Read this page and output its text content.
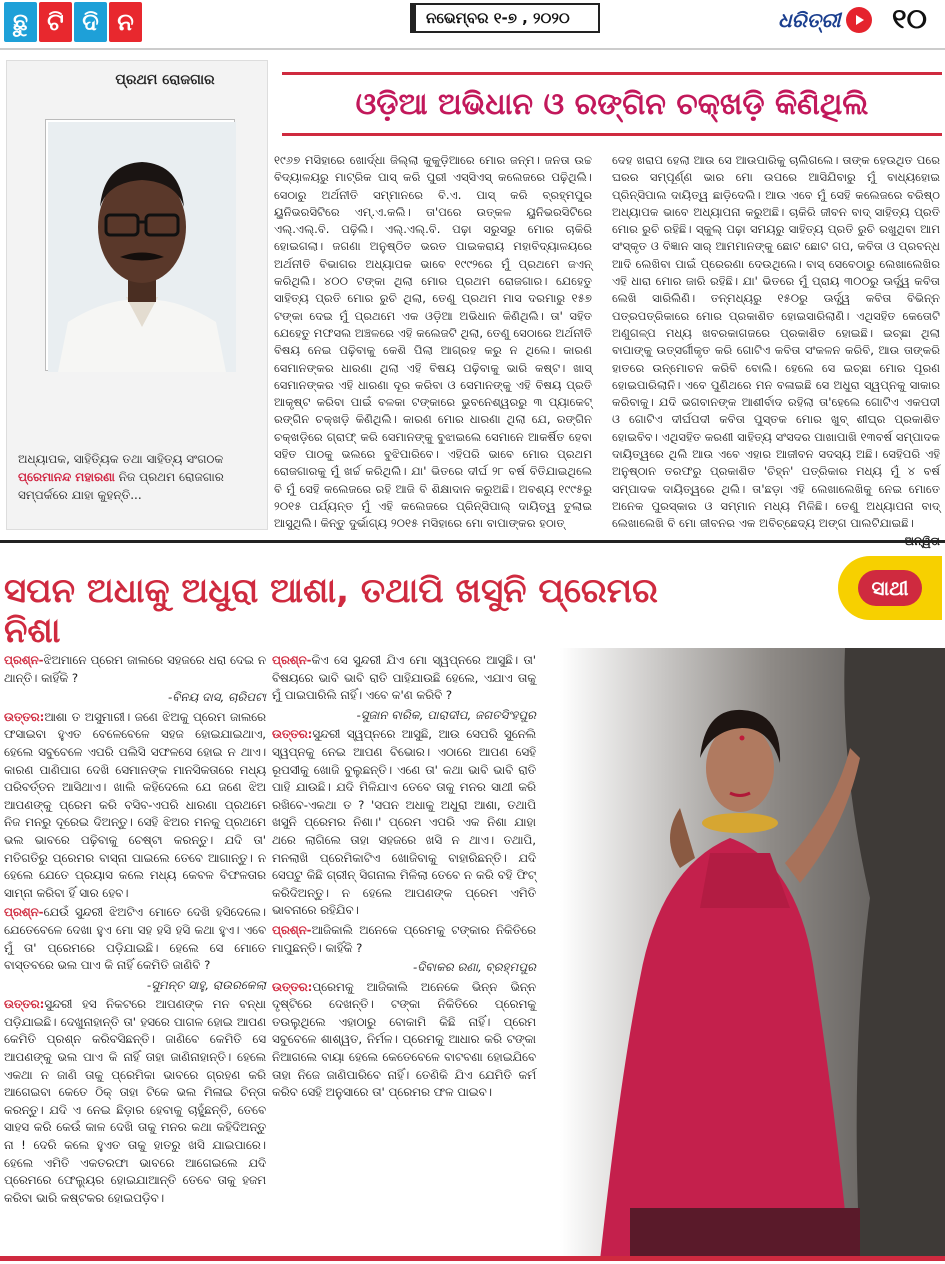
ଛୁ ଟି ଦି ନ	ନଭେମ୍ବର ୧-୭ , ୨୦୨୦	ଧରିତ୍ରୀ ୧୦
ପ୍ରଥମ ରୋଜଗାର
ଅଧ୍ୟାପକ, ସାହିତ୍ୟିକ ତଥା ସାହିତ୍ୟ ସଂଗଠକ ପ୍ରେମାନନ୍ଦ ମହାରଣା ନିଜ ପ୍ରଥମ ରୋଜଗାର ସମ୍ପର୍କରେ ଯାହା କୁହନ୍ତି...
ଓଡ଼ିଆ ଅଭିଧାନ ଓ ରଙ୍ଗିନ ଚକ୍‌ଖଡ଼ି କିଣିଥିଲି
୧୯୬୭ ମସିହାରେ ଖୋର୍ଦ୍ଧା ଜିଲ୍ଲା କୁକୁଡ଼ିଆରେ ମୋର ଜନ୍ମ। ଜନତା ଉଚ୍ଚ ବିଦ୍ୟାଳୟରୁ ମାଟ୍ରିକ ପାସ୍ କରି ପୁରୀ ଏସ୍‌ସିଏସ୍ କଲେଜରେ ପଢ଼ିଥିଲି। ସେଠାରୁ ଅର୍ଥନୀତି ସମ୍ମାନରେ ବି.ଏ. ପାସ୍ କରି ବ୍ରହ୍ମପୁର ୟୁନିଭରସିଟିରେ ଏମ୍.ଏ.କଲି। ତା'ପରେ ଉତ୍କଳ ୟୁନିଭରସିଟିରେ ଏଲ୍.ଏଲ୍.ବି. ପଢ଼ିଲି। ଏଲ୍.ଏଲ୍.ବି. ପଢ଼ା ସରୁସରୁ ମୋର ଚାକିରି ହୋଇଗଲା। ଜଗଣା ଅନୁଷ୍ଠିତ ଭରତ ପାଇକରାୟ ମହାବିଦ୍ୟାଳୟରେ ଅର୍ଥନୀତି ବିଭାଗର ଅଧ୍ୟାପକ ଭାବେ ୧୯୯୨ରେ ମୁଁ ପ୍ରଥମେ ଜଏନ୍ କରିଥିଲି। ୪୦୦ ଟଙ୍କା ଥିଲା ମୋର ପ୍ରଥମ ରୋଜଗାର। ଯେହେତୁ ସାହିତ୍ୟ ପ୍ରତି ମୋର ରୁଚି ଥିଲା, ତେଣୁ ପ୍ରଥମ ମାସ ଦରମାରୁ ୧୫୭ ଟଙ୍କା ଦେଇ ମୁଁ ପ୍ରଥମେ ଏକ ଓଡ଼ିଆ ଅଭିଧାନ କିଣିଥିଲି। ତା' ସହିତ ଯେହେତୁ ମଫସଲ ଅଞ୍ଚଳରେ ଏହି କଲେଜଟି ଥିଲା, ତେଣୁ ସେଠାରେ ଅର୍ଥନୀତି ବିଷୟ ନେଇ ପଢ଼ିବାକୁ କେଶି ପିଲା ଆଗ୍ରହ କରୁ ନ ଥିଲେ। କାରଣ ସେମାନଙ୍କର ଧାରଣା ଥିଲା ଏହି ବିଷୟ ପଢ଼ିବାକୁ ଭାରି କଷ୍ଟ। ଖାସ୍ ସେମାନଙ୍କର ଏହି ଧାରଣା ଦୂର କରିବା ଓ ସେମାନଙ୍କୁ ଏହି ବିଷୟ ପ୍ରତି ଆକୃଷ୍ଟ କରିବା ପାଇଁ ବଳକା ଟଙ୍କାରେ ଭୁବନେଶ୍ୱରରୁ ୩ ପ୍ୟାକେଟ୍ ରଙ୍ଗିନ ଚକ୍‌ଖଡ଼ି କିଣିଥିଲି। କାରଣ ମୋର ଧାରଣା ଥିଲା ଯେ, ରଙ୍ଗିନ ଚକ୍‌ଖଡ଼ିରେ ଗ୍ରାଫ୍ କରି ସେମାନଙ୍କୁ ବୁଝାଇଲେ ସେମାନେ ଆକର୍ଷିତ ହେବା ସହିତ ପାଠକୁ ଭଲରେ ବୁଝିପାରିବେ। ଏହିପରି ଭାବେ ମୋର ପ୍ରଥମ ରୋଜଗାରକୁ ମୁଁ ଖର୍ଚ୍ଚ କରିଥିଲି। ଯା' ଭିତରେ ଦୀର୍ଘ ୨୮ ବର୍ଷ ବିତିଯାଇଥିଲେ ବି ମୁଁ ସେହି କଲେଜରେ ରହି ଆଜି ବି ଶିକ୍ଷାଦାନ କରୁଅଛି। ଅବଶ୍ୟ ୧୯୯୫ରୁ ୨୦୧୫ ପର୍ଯ୍ୟନ୍ତ ମୁଁ ଏହି କଲେଜରେ ପ୍ରିନ୍ସିପାଲ୍ ଦାୟିତ୍ୱ ତୁଲାଇ ଆସୁଥିଲି। କିନ୍ତୁ ଦୁର୍ଭାଗ୍ୟ ୨୦୧୫ ମସିହାରେ ମୋ ବାପାଙ୍କର ହଠାତ୍
ଦେହ ଖରାପ ହେଲା ଆଉ ସେ ଆଉପାରିକୁ ଚାଲିଗଲେ। ତାଙ୍କ ହେଉଥିତ ପରେ ଘରର ସମ୍ପୂର୍ଣ୍ଣ ଭାର ମୋ ଉପରେ ଆସିଯିବାରୁ ମୁଁ ବାଧ୍ୟହୋଇ ପ୍ରିନ୍ସିପାଲ ଦାୟିତ୍ୱ ଛାଡ଼ିଦେଲି। ଆଉ ଏବେ ମୁଁ ସେହି କଲେଜରେ ବରିଷ୍ଠ ଅଧ୍ୟାପକ ଭାବେ ଅଧ୍ୟାପନା କରୁଅଛି। ଚାକିରି ଜୀବନ ବାଦ୍ ସାହିତ୍ୟ ପ୍ରତି ମୋର ରୁଚି ରହିଛି। ସ୍କୁଲ୍ ପଢ଼ା ସମୟରୁ ସାହିତ୍ୟ ପ୍ରତି ରୁଚି ରଖୁଥିବା ଆମ ସଂସ୍କୃତ ଓ ବିଜ୍ଞାନ ସାର୍ ଆମମାନଙ୍କୁ ଛୋଟ ଛୋଟ ଗପ, କବିତା ଓ ପ୍ରବନ୍ଧ ଆଦି ଲେଖିବା ପାଇଁ ପ୍ରେରଣା ଦେଉଥିଲେ। ବାସ୍ ସେବେଠାରୁ ଲେଖାଲେଖିର ଏହି ଧାରା ମୋର ଜାରି ରହିଛି। ଯା' ଭିତରେ ମୁଁ ପ୍ରାୟ ୩୦୦ରୁ ଊର୍ଦ୍ଧ୍ୱ କବିତା ଲେଖି ସାରିଲିଣି। ତନ୍ମଧ୍ୟରୁ ୧୫୦ରୁ ଊର୍ଦ୍ଧ୍ୱ କବିତା ବିଭିନ୍ନ ପତ୍ରପତ୍ରିକାରେ ମୋର ପ୍ରକାଶିତ ହୋଇସାରିଲାଣି। ଏଥିସହିତ କେତୋଟି ଅଣୁଗଳ୍ପ ମଧ୍ୟ ଖବରକାଗଜରେ ପ୍ରକାଶିତ ହୋଇଛି। ଇଚ୍ଛା ଥିଲା ବାପାଙ୍କୁ ଉତ୍ସର୍ଗୀକୃତ କରି ଗୋଟିଏ କବିତା ସଂକଳନ କରିବି, ଆଉ ତାଙ୍କରି ହାତରେ ଉନ୍ମୋଚନ କରିବି ବୋଲି। ହେଲେ ସେ ଇଚ୍ଛା ମୋର ପୂରଣ ହୋଇପାରିଲାନି। ଏବେ ପୁଣିଥରେ ମନ ବଳାଇଛି ସେ ଅଧୁରା ସ୍ୱପ୍ନକୁ ସାକାର କରିବାକୁ। ଯଦି ଭଗବାନଙ୍କ ଆଶୀର୍ବାଦ ରହିଲା ତା'ହେଲେ ଗୋଟିଏ ଏକପଦୀ ଓ ଗୋଟିଏ ଦୀର୍ଘପଦୀ କବିତା ପୁସ୍ତକ ମୋର ଖୁବ୍ ଶୀଘ୍ର ପ୍ରକାଶିତ ହୋଇବିବ। ଏଥିସହିତ କରଣୀ ସାହିତ୍ୟ ସଂସଦର ପାଖାପାଖି ୧୩ବର୍ଷ ସମ୍ପାଦକ ଦାୟିତ୍ୱରେ ଥିଲି ଆଉ ଏବେ ଏହାର ଆଜୀବନ ସଦସ୍ୟ ଅଛି। ସେହିପରି ଏହି ଅନୁଷ୍ଠାନ ତରଫରୁ ପ୍ରକାଶିତ 'ଚିହ୍ନ' ପତ୍ରିକାର ମଧ୍ୟ ମୁଁ ୪ ବର୍ଷ ସମ୍ପାଦକ ଦାୟିତ୍ୱରେ ଥିଲି। ତା'ଛଡ଼ା ଏହି ଲେଖାଲେଖିକୁ ନେଇ ମୋତେ ଅନେକ ପୁରସ୍କାର ଓ ସମ୍ମାନ ମଧ୍ୟ ମିଳିଛି। ତେଣୁ ଅଧ୍ୟାପନା ବାଦ୍ ଲେଖାଲେଖି ବି ମୋ ଜୀବନର ଏକ ଅବିଚ୍ଛେଦ୍ୟ ଅଙ୍ଗ ପାଲଟିଯାଇଛି।
ସପନ ଅଧାକୁ ଅଧୁରା ଆଶା, ତଥାପି ଖସୁନି ପ୍ରେମର ନିଶା
ସାଥୀ

ପ୍ରଶ୍ନ-ଝିଅମାନେ ପ୍ରେମ ଜାଲରେ ସହଜରେ ଧରା ଦେଇ ନ ଥାନ୍ତି। କାହିଁକି ?

-ବିନୟ ଦାସ, ଚାରିପଟା

ଉତ୍ତର:ଆଶା ତ ଅସୁମାରୀ। ଜଣେ ଝିଅକୁ ପ୍ରେମ ଜାଲରେ ଫସାଇବା ହୁଏତ ବେଳେବେଳେ ସହଜ ହୋଇଯାଇଥାଏ, ହେଲେ ସବୁବେଳେ ଏପରି ପଲିସି ସଫଳସେ ହୋଇ ନ ଥାଏ। କାରଣ ପାଣିପାଗ ଦେଖି ସେମାନଙ୍କ ମାନସିକତାରେ ମଧ୍ୟ ପରିବର୍ତ୍ତନ ଆସିଥାଏ। ଖାଲି କହିଦେଲେ ଯେ ଜଣେ ଝିଅ ଆପଣଙ୍କୁ ପ୍ରେମ କରି ବସିବ-ଏପରି ଧାରଣା ପ୍ରଥମେ ନିଜ ମନରୁ ଦୂରେଇ ଦିଅନ୍ତୁ। ସେହି ଝିଅର ମନକୁ ପ୍ରଥମେ ଭଲ ଭାବରେ ପଢ଼ିବାକୁ ଚେଷ୍ଟା କରନ୍ତୁ। ଯଦି ତା' ମତିଗତିରୁ ପ୍ରେମର ବାସ୍ନା ପାଇଲେ ତେବେ ଆଗାନ୍ତୁ। ନ ହେଲେ ଯେତେ ପ୍ରୟାସ କଲେ ମଧ୍ୟ କେବଳ ବିଫଳତାର ସାମ୍ନା କରିବା ହିଁ ସାର ହେବ।

ପ୍ରଶ୍ନ-ଯେଉଁ ସୁନ୍ଦରୀ ଝିଅଟିଏ ମୋତେ ଦେଖି ହସିଦେଲେ। ଯେତେବେଳେ ଦେଖା ହୁଏ ମୋ ସହ ହସି ହସି କଥା ହୁଏ। ଏବେ ମୁଁ ତା' ପ୍ରେମରେ ପଡ଼ିଯାଇଛି। ହେଲେ ସେ ମୋତେ ବାସ୍ତବରେ ଭଲ ପାଏ କି ନାହିଁ କେମିତି ଜାଣିବି ?

-ସୁମନ୍ତ ସାହୁ, ରାଉରକେଲା

ଉତ୍ତର:ସୁନ୍ଦରୀ ହସ ନିକଟରେ ଆପଣଙ୍କ ମନ ବନ୍ଧା ପଡ଼ିଯାଇଛି। ଦେଖୁନାହାନ୍ତି ତା' ହସରେ ପାଗଳ ହୋଇ ଆପଣ କେମିତି ପ୍ରଶ୍ନ କରିବସିଛନ୍ତି। ଜାଣିବେ କେମିତି ସେ ଆପଣଙ୍କୁ ଭଲ ପାଏ କି ନାହିଁ ତାହା ଜାଣିନାହାନ୍ତି। ହେଲେ ଏକଥା ନ ଜାଣି ତାକୁ ପ୍ରେମିକା ଭାବରେ ଗ୍ରହଣ କରି ଆଗେଇବା କେତେ ଠିକ୍ ତାହା ଟିକେ ଭଲ ମିଳାଇ ଚିନ୍ତା କରନ୍ତୁ। ଯଦି ଏ ନେଇ ଛିଡ଼ାର ହେବାକୁ ଚାହୁଁଛନ୍ତି, ତେବେ ସାହସ କରି କେଉଁ କାଳ ଦେଖି ତାକୁ ମନର କଥା କହିଦିଅନ୍ତୁ ନା ! ଦେରି କଲେ ହୁଏତ ତାକୁ ହାତରୁ ଖସି ଯାଇପାରେ। ହେଲେ ଏମିତି ଏକତରଫା ଭାବରେ ଆଗେଇଲେ ଯଦି ପ୍ରେମରେ ଫେଲ୍ୟୁର ହୋଇଯାଆନ୍ତି ତେବେ ତାକୁ ହଜମ କରିବା ଭାରି କଷ୍ଟକର ହୋଇପଡ଼ିବ।

ପ୍ରଶ୍ନ-କିଏ ସେ ସୁନ୍ଦରୀ ଯିଏ ମୋ ସ୍ୱପ୍ନରେ ଆସୁଛି। ତା' ବିଷୟରେ ଭାବି ଭାବି ରାତି ପାହିଯାଉଛି ହେଲେ, ଏଯାଏ ତାକୁ ମୁଁ ପାଇପାରିଲି ନାହିଁ। ଏବେ କ'ଣ କରିବି ?

-ସୁଜାନ ବାରିକ, ପାରାଦୀପ, ଜଗତସିଂହପୁର

ଉତ୍ତର:ସୁନ୍ଦରୀ ସ୍ୱପ୍ନରେ ଆସୁଛି, ଆଉ ସେପରି ସୁନେଲି ସ୍ୱପ୍ନକୁ ନେଇ ଆପଣ ବିଭୋର। ଏଠାରେ ଆପଣ ସେହି ରୂପସୀକୁ ଖୋଜି ବୁଲୁଛନ୍ତି। ଏଣେ ତା' କଥା ଭାବି ଭାବି ରାତି ପାହି ଯାଉଛି। ଯଦି ମିଳିଯାଏ ତେବେ ତାକୁ ମନର ସାଥୀ କରି ରଖିବେ-ଏକଥା ତ ? 'ସପନ ଅଧାକୁ ଅଧୁରା ଆଶା, ତଥାପି ଖସୁନି ପ୍ରେମର ନିଶା।' ପ୍ରେମ ଏପରି ଏକ ନିଶା ଯାହା ଥରେ ଲାଗିଲେ ତାହା ସହଜରେ ଖସି ନ ଥାଏ। ତଥାପି, ମନଲାଖି ପ୍ରେମିକାଟିଏ ଖୋଜିବାକୁ ବାହାରିଛନ୍ତି। ଯଦି ସେପଟୁ କିଛି ଗ୍ରୀନ୍ ସିଗନାଲ ମିଳିଲା ତେବେ ନ କରି ବହି ଫିଟ୍ କରିଦିଅନ୍ତୁ। ନ ହେଲେ ଆପଣଙ୍କ ପ୍ରେମ ଏମିତି ଭାବନାରେ ରହିଯିବ।

ପ୍ରଶ୍ନ-ଆଜିକାଲି ଅନେକେ ପ୍ରେମକୁ ଟଙ୍କାର ନିକିତିରେ ମାପୁଛନ୍ତି। କାହିଁକି ?

-ଦିବାକର ରଣା, ବ୍ରହ୍ମପୁର

ଉତ୍ତର:ପ୍ରେମକୁ ଆଜିକାଲି ଅନେକେ ଭିନ୍ନ ଭିନ୍ନ ଦୃଷ୍ଟିରେ ଦେଖନ୍ତି। ଟଙ୍କା ନିକିତିରେ ପ୍ରେମକୁ ତଉଲୁଥିଲେ ଏହାଠାରୁ ବୋକାମି କିଛି ନାହିଁ। ପ୍ରେମ ସବୁବେଳେ ଶାଶ୍ୱତ, ନିର୍ମଳ। ପ୍ରେମକୁ ଆଧାର କରି ଟଙ୍କା ନିଆଗଲେ ବାୟା ହେଲେ କେତେବେଳେ ବାଟବଣା ହୋଇଯିବେ ତାହା ନିଜେ ଜାଣିପାରିବେ ନାହିଁ। ତେଣିକି ଯିଏ ଯେମିତି କର୍ମ କରିବ ସେହି ଅନୁସାରେ ତା' ପ୍ରେମର ଫଳ ପାଇବ।
